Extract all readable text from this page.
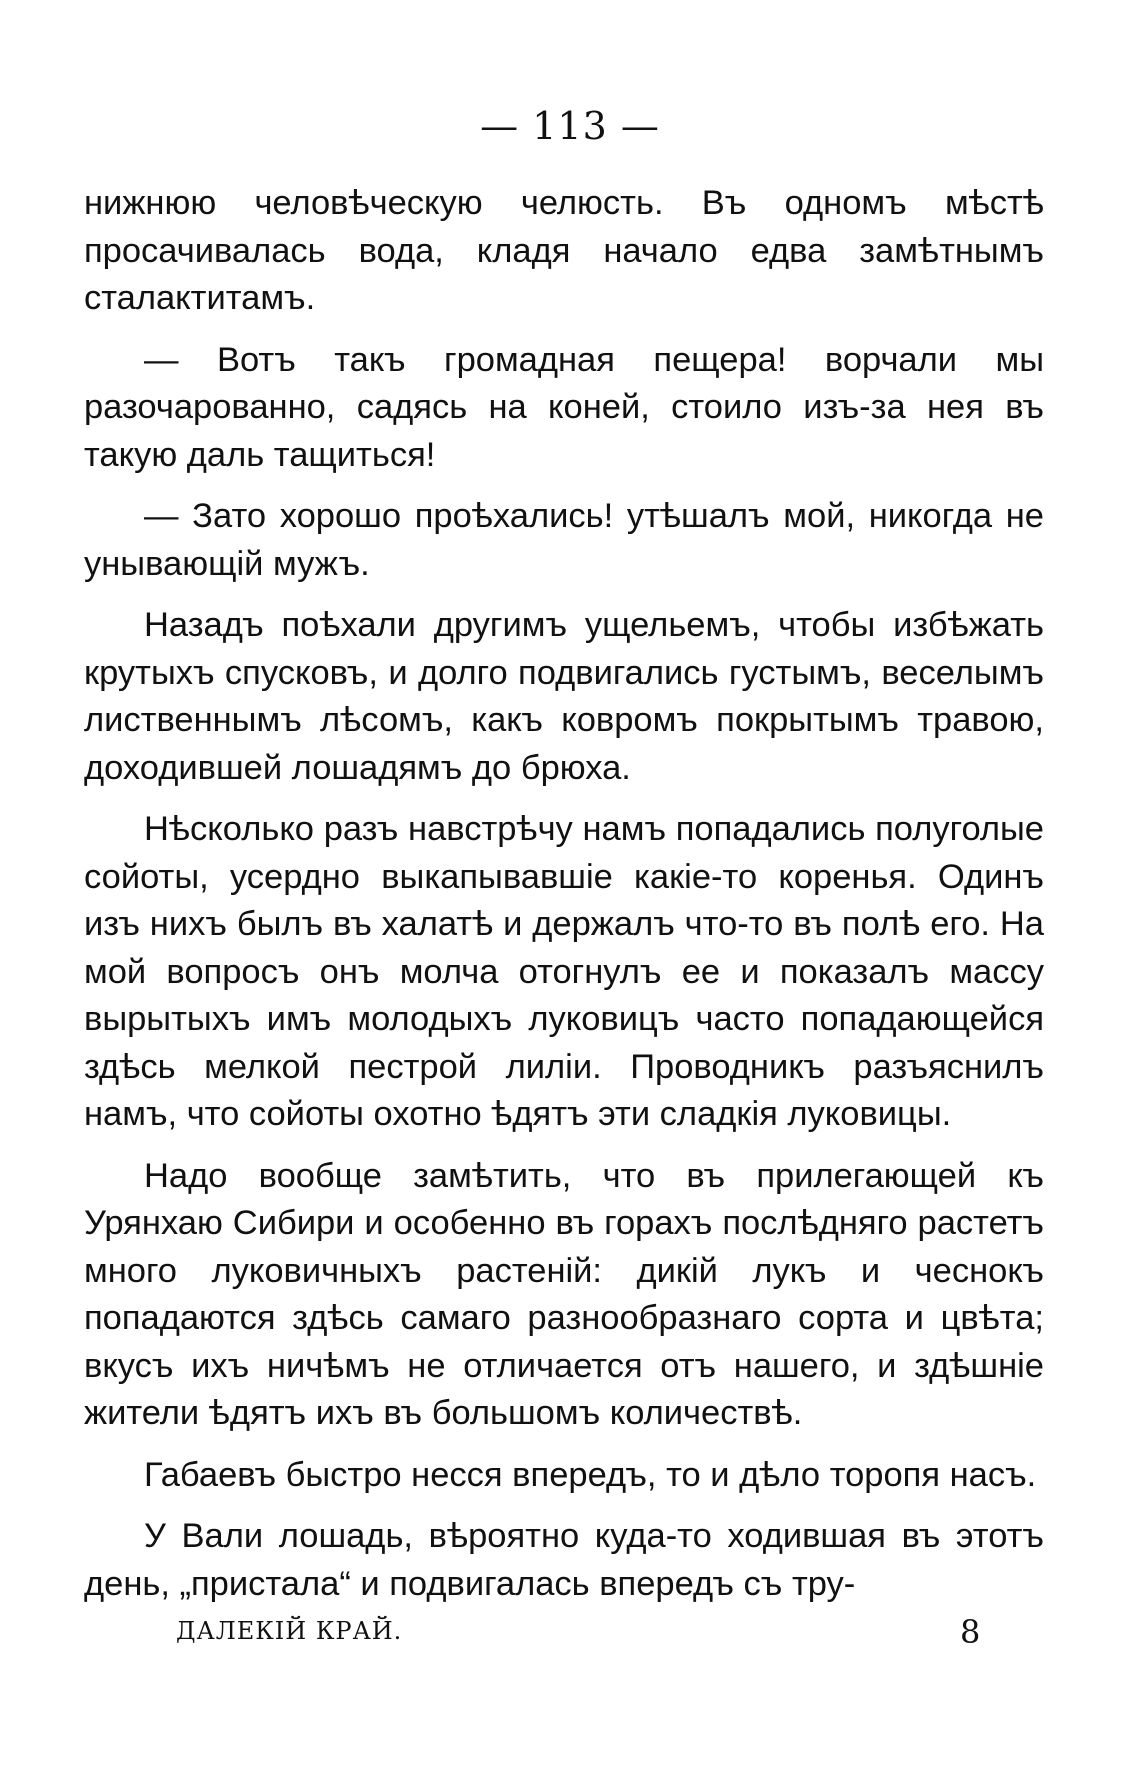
— 113 —

нижнюю человѣческую челюсть. Въ одномъ мѣстѣ просачивалась вода, кладя начало едва замѣтнымъ сталактитамъ.

— Вотъ такъ громадная пещера! ворчали мы разочарованно, садясь на коней, стоило изъ-за нея въ такую даль тащиться!

— Зато хорошо проѣхались! утѣшалъ мой, никогда не унывающій мужъ.

Назадъ поѣхали другимъ ущельемъ, чтобы избѣжать крутыхъ спусковъ, и долго подвигались густымъ, веселымъ лиственнымъ лѣсомъ, какъ ковромъ покрытымъ травою, доходившей лошадямъ до брюха.

Нѣсколько разъ навстрѣчу намъ попадались полуголые сойоты, усердно выкапывавшіе какіе-то коренья. Одинъ изъ нихъ былъ въ халатѣ и держалъ что-то въ полѣ его. На мой вопросъ онъ молча отогнулъ ее и показалъ массу вырытыхъ имъ молодыхъ луковицъ часто попадающейся здѣсь мелкой пестрой лиліи. Проводникъ разъяснилъ намъ, что сойоты охотно ѣдятъ эти сладкія луковицы.

Надо вообще замѣтить, что въ прилегающей къ Урянхаю Сибири и особенно въ горахъ послѣдняго растетъ много луковичныхъ растеній: дикій лукъ и чеснокъ попадаются здѣсь самаго разнообразнаго сорта и цвѣта; вкусъ ихъ ничѣмъ не отличается отъ нашего, и здѣшніе жители ѣдятъ ихъ въ большомъ количествѣ.

Габаевъ быстро несся впередъ, то и дѣло торопя насъ.

У Вали лошадь, вѣроятно куда-то ходившая въ этотъ день, „пристала“ и подвигалась впередъ съ тру-

ДАЛЕКІЙ КРАЙ.	8
